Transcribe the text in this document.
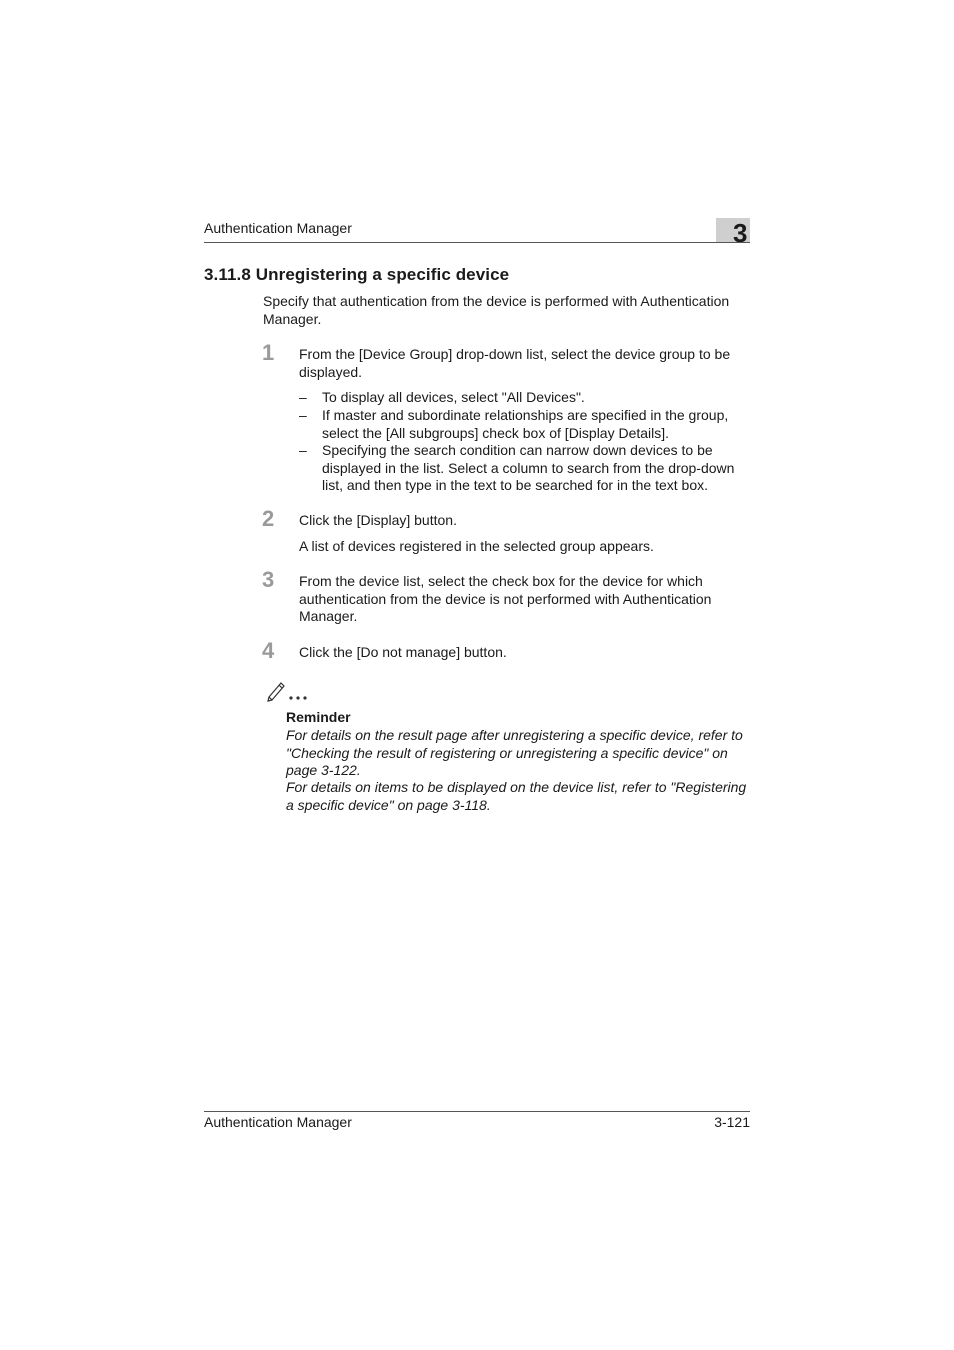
Authentication Manager	3
3.11.8 Unregistering a specific device
Specify that authentication from the device is performed with Authentication Manager.
1 From the [Device Group] drop-down list, select the device group to be displayed.
– To display all devices, select "All Devices".
– If master and subordinate relationships are specified in the group, select the [All subgroups] check box of [Display Details].
– Specifying the search condition can narrow down devices to be displayed in the list. Select a column to search from the drop-down list, and then type in the text to be searched for in the text box.
2 Click the [Display] button.
A list of devices registered in the selected group appears.
3 From the device list, select the check box for the device for which authentication from the device is not performed with Authentication Manager.
4 Click the [Do not manage] button.
Reminder
For details on the result page after unregistering a specific device, refer to "Checking the result of registering or unregistering a specific device" on page 3-122.
For details on items to be displayed on the device list, refer to "Registering a specific device" on page 3-118.
Authentication Manager	3-121
